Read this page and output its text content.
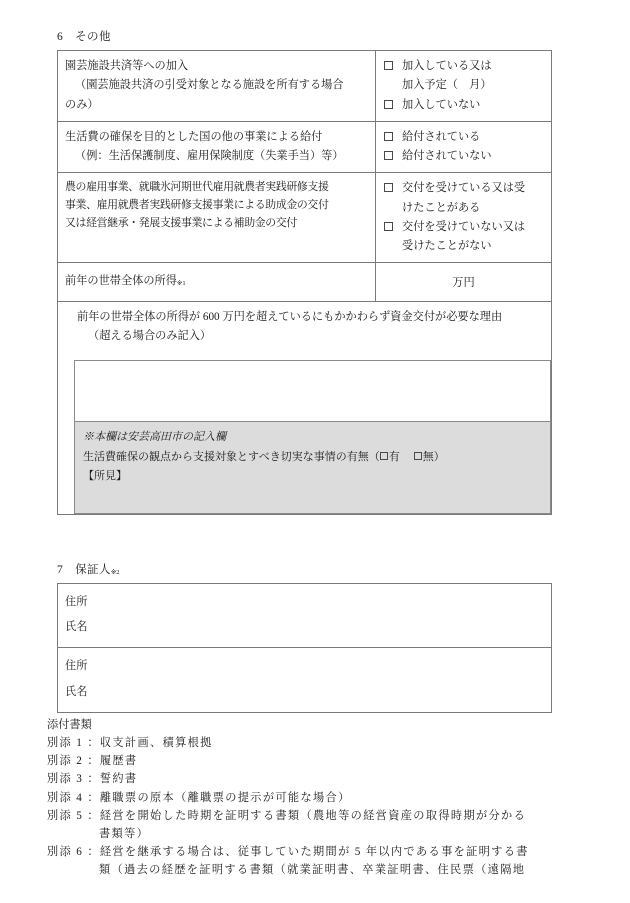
6 その他
園芸施設共済等への加入
（園芸施設共済の引受対象となる施設を所有する場合
のみ）
加入している又は
加入予定（　月）
加入していない
生活費の確保を目的とした国の他の事業による給付
（例：生活保護制度、雇用保険制度（失業手当）等）
給付されている
給付されていない
農の雇用事業、就職氷河期世代雇用就農者実践研修支援
事業、雇用就農者実践研修支援事業による助成金の交付
又は経営継承・発展支援事業による補助金の交付
交付を受けている又は受
けたことがある
交付を受けていない又は
受けたことがない
前年の世帯全体の所得※1	万円
前年の世帯全体の所得が 600 万円を超えているにもかかわらず資金交付が必要な理由
（超える場合のみ記入）
※本欄は安芸高田市の記入欄
生活費確保の観点から支援対象とすべき切実な事情の有無（ 有 無）
【所見】
7 保証人※2
住所
氏名
住所
氏名
添付書類
別添 1 ： 収支計画、積算根拠
別添 2 ： 履歴書
別添 3 ： 誓約書
別添 4 ： 離職票の原本（離職票の提示が可能な場合）
別添 5 ： 経営を開始した時期を証明する書類（農地等の経営資産の取得時期が分かる
書類等）
別添 6 ： 経営を継承する場合は、従事していた期間が 5 年以内である事を証明する書
類（過去の経歴を証明する書類（就業証明書、卒業証明書、住民票（遠隔地
